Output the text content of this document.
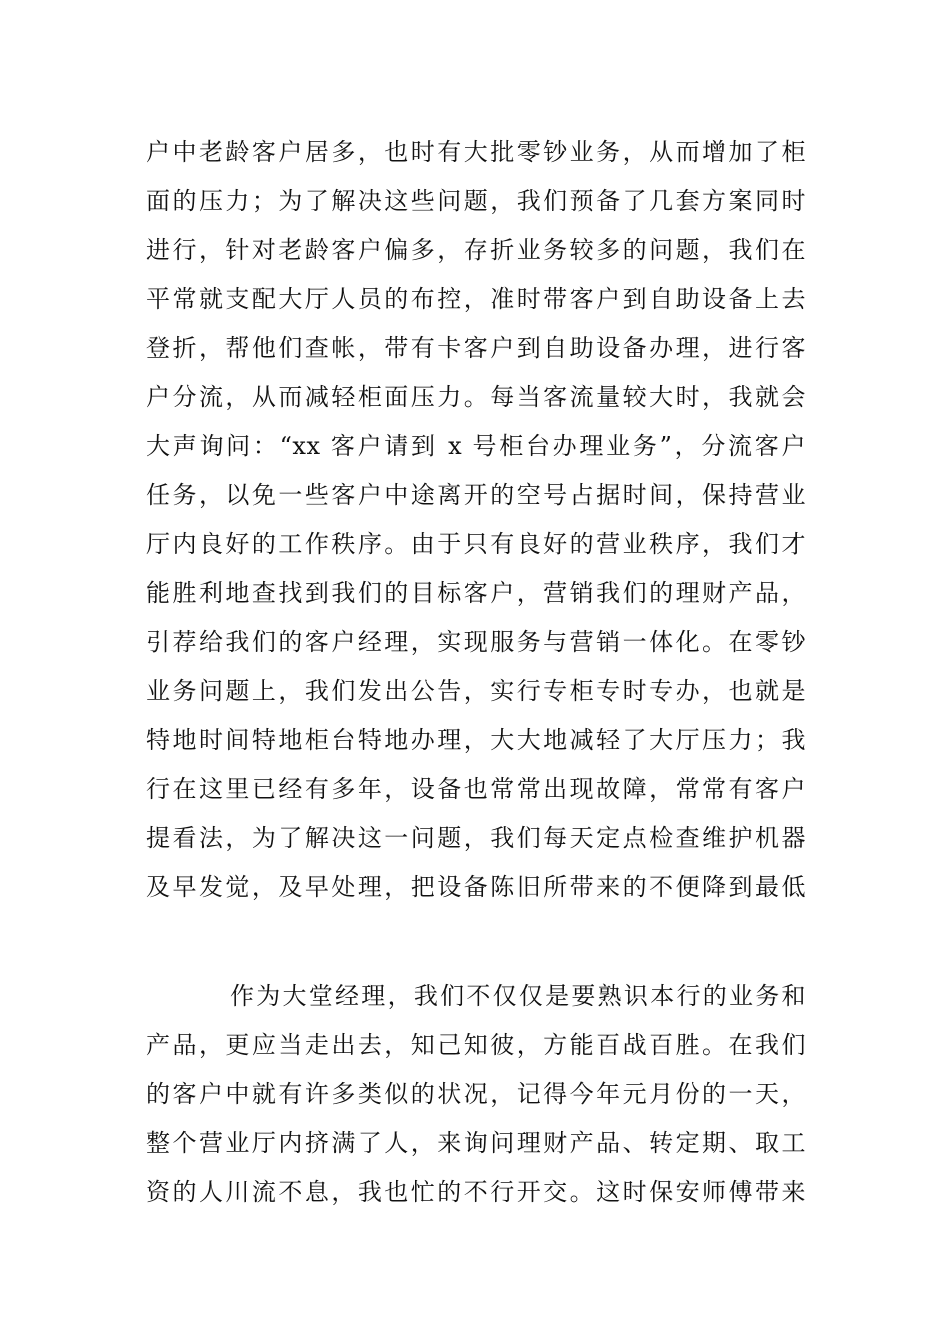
户中老龄客户居多，也时有大批零钞业务，从而增加了柜
面的压力；为了解决这些问题，我们预备了几套方案同时
进行，针对老龄客户偏多，存折业务较多的问题，我们在
平常就支配大厅人员的布控，准时带客户到自助设备上去
登折，帮他们查帐，带有卡客户到自助设备办理，进行客
户分流，从而减轻柜面压力。每当客流量较大时，我就会
大声询问：“xx 客户请到 x 号柜台办理业务”，分流客户
任务，以免一些客户中途离开的空号占据时间，保持营业
厅内良好的工作秩序。由于只有良好的营业秩序，我们才
能胜利地查找到我们的目标客户，营销我们的理财产品，
引荐给我们的客户经理，实现服务与营销一体化。在零钞
业务问题上，我们发出公告，实行专柜专时专办，也就是
特地时间特地柜台特地办理，大大地减轻了大厅压力；我
行在这里已经有多年，设备也常常出现故障，常常有客户
提看法，为了解决这一问题，我们每天定点检查维护机器
及早发觉，及早处理，把设备陈旧所带来的不便降到最低
作为大堂经理，我们不仅仅是要熟识本行的业务和
产品，更应当走出去，知己知彼，方能百战百胜。在我们
的客户中就有许多类似的状况，记得今年元月份的一天，
整个营业厅内挤满了人，来询问理财产品、转定期、取工
资的人川流不息，我也忙的不行开交。这时保安师傅带来
